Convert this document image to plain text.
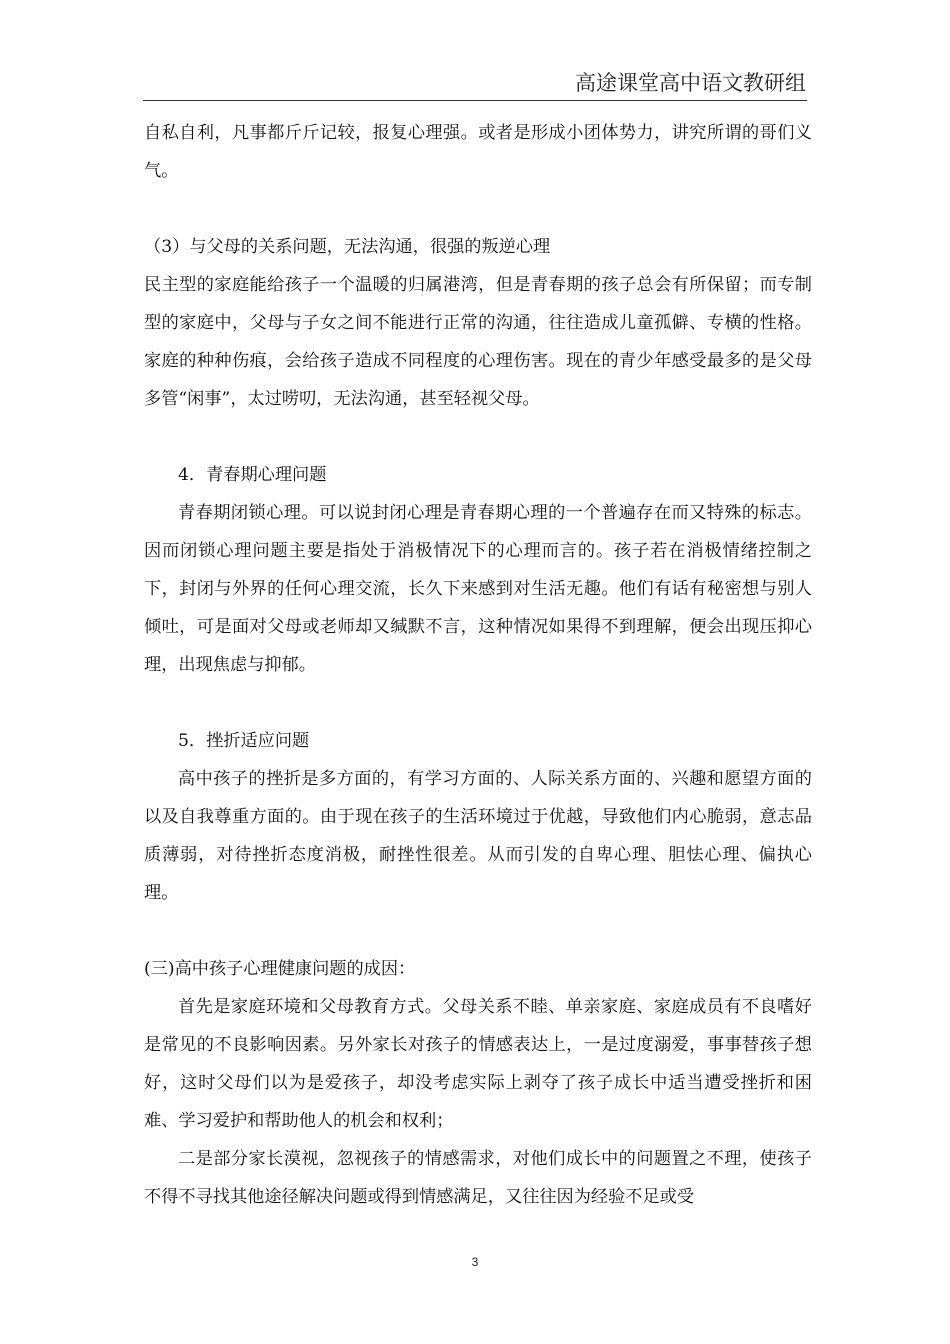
高途课堂高中语文教研组

自私自利，凡事都斤斤记较，报复心理强。或者是形成小团体势力，讲究所谓的哥们义气。

（3）与父母的关系问题，无法沟通，很强的叛逆心理

民主型的家庭能给孩子一个温暖的归属港湾，但是青春期的孩子总会有所保留；而专制型的家庭中，父母与子女之间不能进行正常的沟通，往往造成儿童孤僻、专横的性格。家庭的种种伤痕，会给孩子造成不同程度的心理伤害。现在的青少年感受最多的是父母多管“闲事”，太过唠叨，无法沟通，甚至轻视父母。

4．青春期心理问题

青春期闭锁心理。可以说封闭心理是青春期心理的一个普遍存在而又特殊的标志。因而闭锁心理问题主要是指处于消极情况下的心理而言的。孩子若在消极情绪控制之下，封闭与外界的任何心理交流，长久下来感到对生活无趣。他们有话有秘密想与别人倾吐，可是面对父母或老师却又缄默不言，这种情况如果得不到理解，便会出现压抑心理，出现焦虑与抑郁。

5．挫折适应问题

高中孩子的挫折是多方面的，有学习方面的、人际关系方面的、兴趣和愿望方面的以及自我尊重方面的。由于现在孩子的生活环境过于优越，导致他们内心脆弱，意志品质薄弱，对待挫折态度消极，耐挫性很差。从而引发的自卑心理、胆怯心理、偏执心理。

(三)高中孩子心理健康问题的成因：

首先是家庭环境和父母教育方式。父母关系不睦、单亲家庭、家庭成员有不良嗜好是常见的不良影响因素。另外家长对孩子的情感表达上，一是过度溺爱，事事替孩子想好，这时父母们以为是爱孩子，却没考虑实际上剥夺了孩子成长中适当遭受挫折和困难、学习爱护和帮助他人的机会和权利；

二是部分家长漠视，忽视孩子的情感需求，对他们成长中的问题置之不理，使孩子不得不寻找其他途径解决问题或得到情感满足，又往往因为经验不足或受

3
